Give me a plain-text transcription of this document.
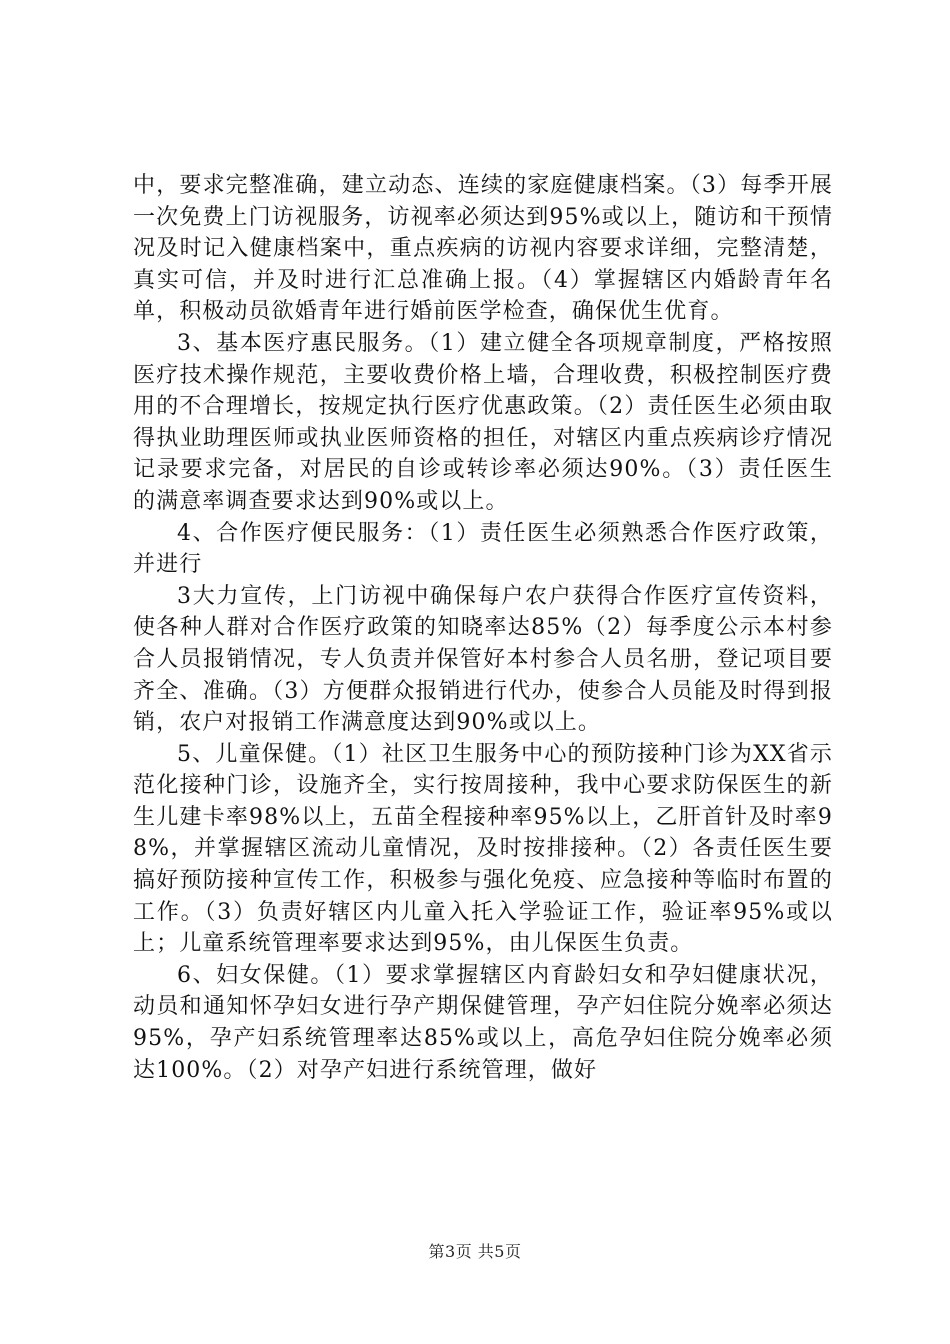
中，要求完整准确，建立动态、连续的家庭健康档案。（3）每季开展一次免费上门访视服务，访视率必须达到95%或以上，随访和干预情况及时记入健康档案中，重点疾病的访视内容要求详细，完整清楚，真实可信，并及时进行汇总准确上报。（4）掌握辖区内婚龄青年名单，积极动员欲婚青年进行婚前医学检查，确保优生优育。

3、基本医疗惠民服务。（1）建立健全各项规章制度，严格按照医疗技术操作规范，主要收费价格上墙，合理收费，积极控制医疗费用的不合理增长，按规定执行医疗优惠政策。（2）责任医生必须由取得执业助理医师或执业医师资格的担任，对辖区内重点疾病诊疗情况记录要求完备，对居民的自诊或转诊率必须达90%。（3）责任医生的满意率调查要求达到90%或以上。

4、合作医疗便民服务：（1）责任医生必须熟悉合作医疗政策，并进行

3大力宣传，上门访视中确保每户农户获得合作医疗宣传资料，使各种人群对合作医疗政策的知晓率达85%（2）每季度公示本村参合人员报销情况，专人负责并保管好本村参合人员名册，登记项目要齐全、准确。（3）方便群众报销进行代办，使参合人员能及时得到报销，农户对报销工作满意度达到90%或以上。

5、儿童保健。（1）社区卫生服务中心的预防接种门诊为XX省示范化接种门诊，设施齐全，实行按周接种，我中心要求防保医生的新生儿建卡率98%以上，五苗全程接种率95%以上，乙肝首针及时率98%，并掌握辖区流动儿童情况，及时按排接种。（2）各责任医生要搞好预防接种宣传工作，积极参与强化免疫、应急接种等临时布置的工作。（3）负责好辖区内儿童入托入学验证工作，验证率95%或以上；儿童系统管理率要求达到95%，由儿保医生负责。

6、妇女保健。（1）要求掌握辖区内育龄妇女和孕妇健康状况，动员和通知怀孕妇女进行孕产期保健管理，孕产妇住院分娩率必须达95%，孕产妇系统管理率达85%或以上，高危孕妇住院分娩率必须达100%。（2）对孕产妇进行系统管理，做好

第3页 共5页
